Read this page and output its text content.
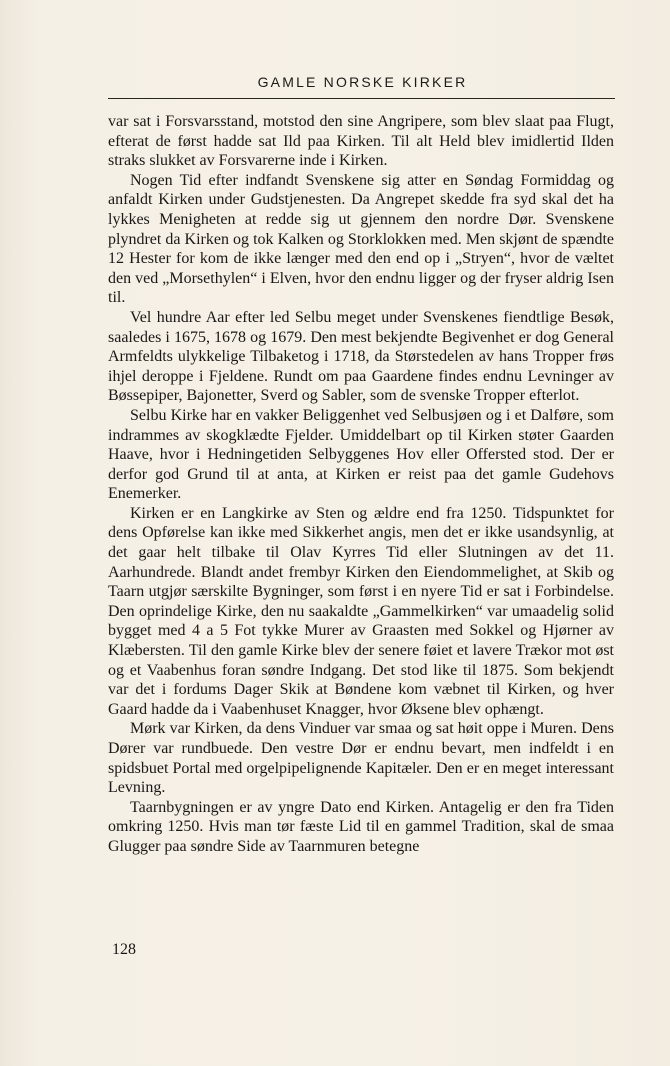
GAMLE NORSKE KIRKER

var sat i Forsvarsstand, motstod den sine Angripere, som blev slaat paa Flugt, efterat de først hadde sat Ild paa Kirken. Til alt Held blev imidlertid Ilden straks slukket av Forsvarerne inde i Kirken.

Nogen Tid efter indfandt Svenskene sig atter en Søndag Formiddag og anfaldt Kirken under Gudstjenesten. Da Angrepet skedde fra syd skal det ha lykkes Menigheten at redde sig ut gjennem den nordre Dør. Svenskene plyndret da Kirken og tok Kalken og Storklokken med. Men skjønt de spændte 12 Hester for kom de ikke længer med den end op i „Stryen“, hvor de væltet den ved „Morsethylen“ i Elven, hvor den endnu ligger og der fryser aldrig Isen til.

Vel hundre Aar efter led Selbu meget under Svenskenes fiendtlige Besøk, saaledes i 1675, 1678 og 1679. Den mest bekjendte Begivenhet er dog General Armfeldts ulykkelige Tilbaketog i 1718, da Størstedelen av hans Tropper frøs ihjel deroppe i Fjeldene. Rundt om paa Gaardene findes endnu Levninger av Bøssepiper, Bajonetter, Sverd og Sabler, som de svenske Tropper efterlot.

Selbu Kirke har en vakker Beliggenhet ved Selbusjøen og i et Dalføre, som indrammes av skogklædte Fjelder. Umiddelbart op til Kirken støter Gaarden Haave, hvor i Hedningetiden Selbyggenes Hov eller Offersted stod. Der er derfor god Grund til at anta, at Kirken er reist paa det gamle Gudehovs Enemerker.

Kirken er en Langkirke av Sten og ældre end fra 1250. Tidspunktet for dens Opførelse kan ikke med Sikkerhet angis, men det er ikke usandsynlig, at det gaar helt tilbake til Olav Kyrres Tid eller Slutningen av det 11. Aarhundrede. Blandt andet frembyr Kirken den Eiendommelighet, at Skib og Taarn utgjør særskilte Bygninger, som først i en nyere Tid er sat i Forbindelse. Den oprindelige Kirke, den nu saakaldte „Gammelkirken“ var umaadelig solid bygget med 4 a 5 Fot tykke Murer av Graasten med Sokkel og Hjørner av Klæbersten. Til den gamle Kirke blev der senere føiet et lavere Trækor mot øst og et Vaabenhus foran søndre Indgang. Det stod like til 1875. Som bekjendt var det i fordums Dager Skik at Bøndene kom væbnet til Kirken, og hver Gaard hadde da i Vaabenhuset Knagger, hvor Øksene blev ophængt.

Mørk var Kirken, da dens Vinduer var smaa og sat høit oppe i Muren. Dens Dører var rundbuede. Den vestre Dør er endnu bevart, men indfeldt i en spidsbuet Portal med orgelpipelignende Kapitæler. Den er en meget interessant Levning.

Taarnbygningen er av yngre Dato end Kirken. Antagelig er den fra Tiden omkring 1250. Hvis man tør fæste Lid til en gammel Tradition, skal de smaa Glugger paa søndre Side av Taarnmuren betegne

128
